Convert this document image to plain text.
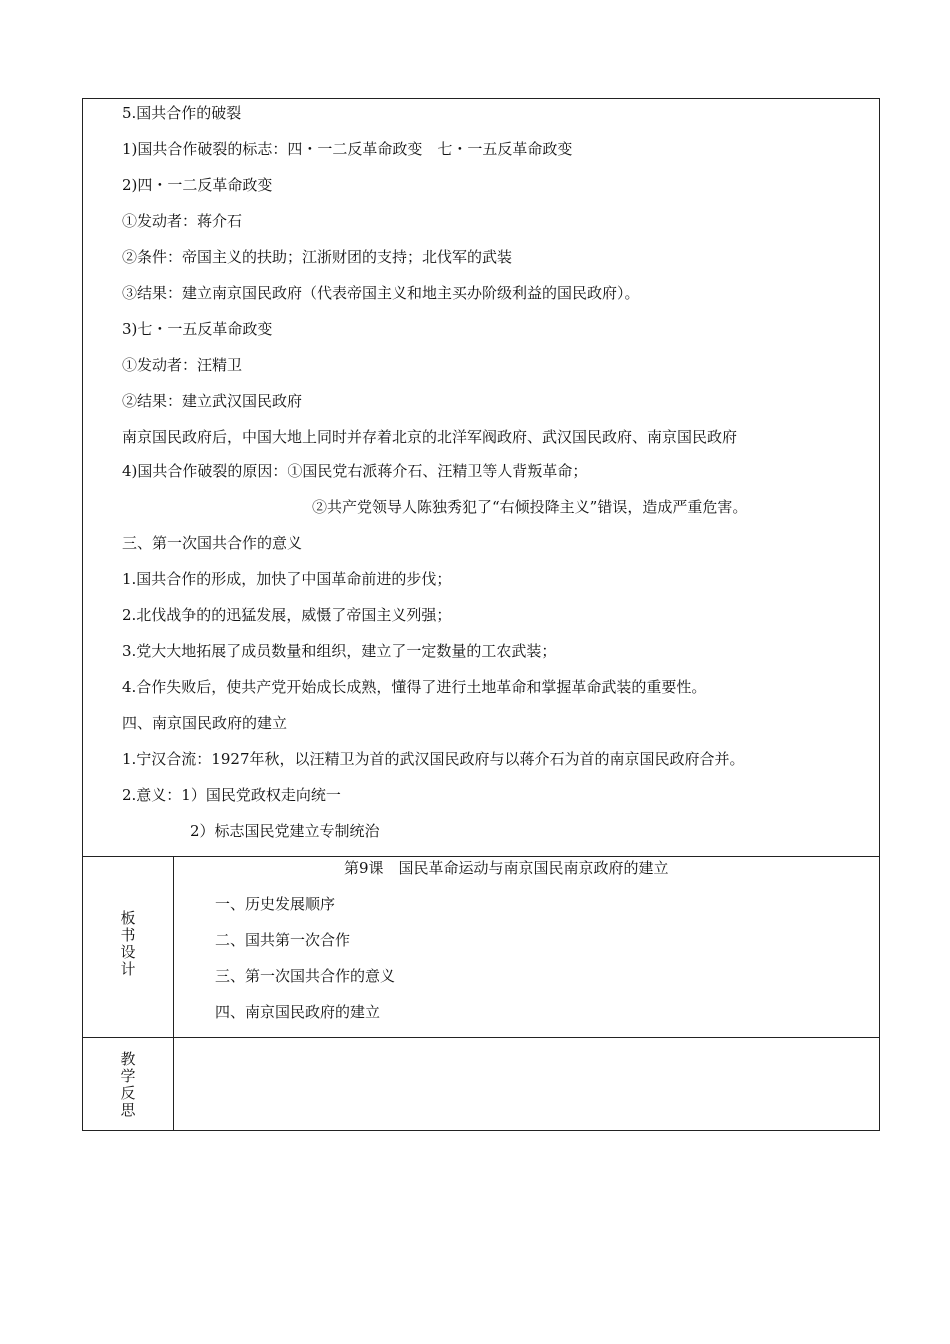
5.国共合作的破裂
1)国共合作破裂的标志：四・一二反革命政变　七・一五反革命政变
2)四・一二反革命政变
①发动者：蒋介石
②条件：帝国主义的扶助；江浙财团的支持；北伐军的武装
③结果：建立南京国民政府（代表帝国主义和地主买办阶级利益的国民政府）。
3)七・一五反革命政变
①发动者：汪精卫
②结果：建立武汉国民政府
南京国民政府后，中国大地上同时并存着北京的北洋军阀政府、武汉国民政府、南京国民政府
4)国共合作破裂的原因：①国民党右派蒋介石、汪精卫等人背叛革命；
②共产党领导人陈独秀犯了“右倾投降主义”错误，造成严重危害。
三、第一次国共合作的意义
1.国共合作的形成，加快了中国革命前进的步伐；
2.北伐战争的的迅猛发展，威慑了帝国主义列强；
3.党大大地拓展了成员数量和组织，建立了一定数量的工农武装；
4.合作失败后，使共产党开始成长成熟，懂得了进行土地革命和掌握革命武装的重要性。
四、南京国民政府的建立
1.宁汉合流：1927年秋，以汪精卫为首的武汉国民政府与以蒋介石为首的南京国民政府合并。
2.意义：1）国民党政权走向统一
2）标志国民党建立专制统治
板
书
设
计
第9课　国民革命运动与南京国民南京政府的建立
一、历史发展顺序
二、国共第一次合作
三、第一次国共合作的意义
四、南京国民政府的建立
教
学
反
思
